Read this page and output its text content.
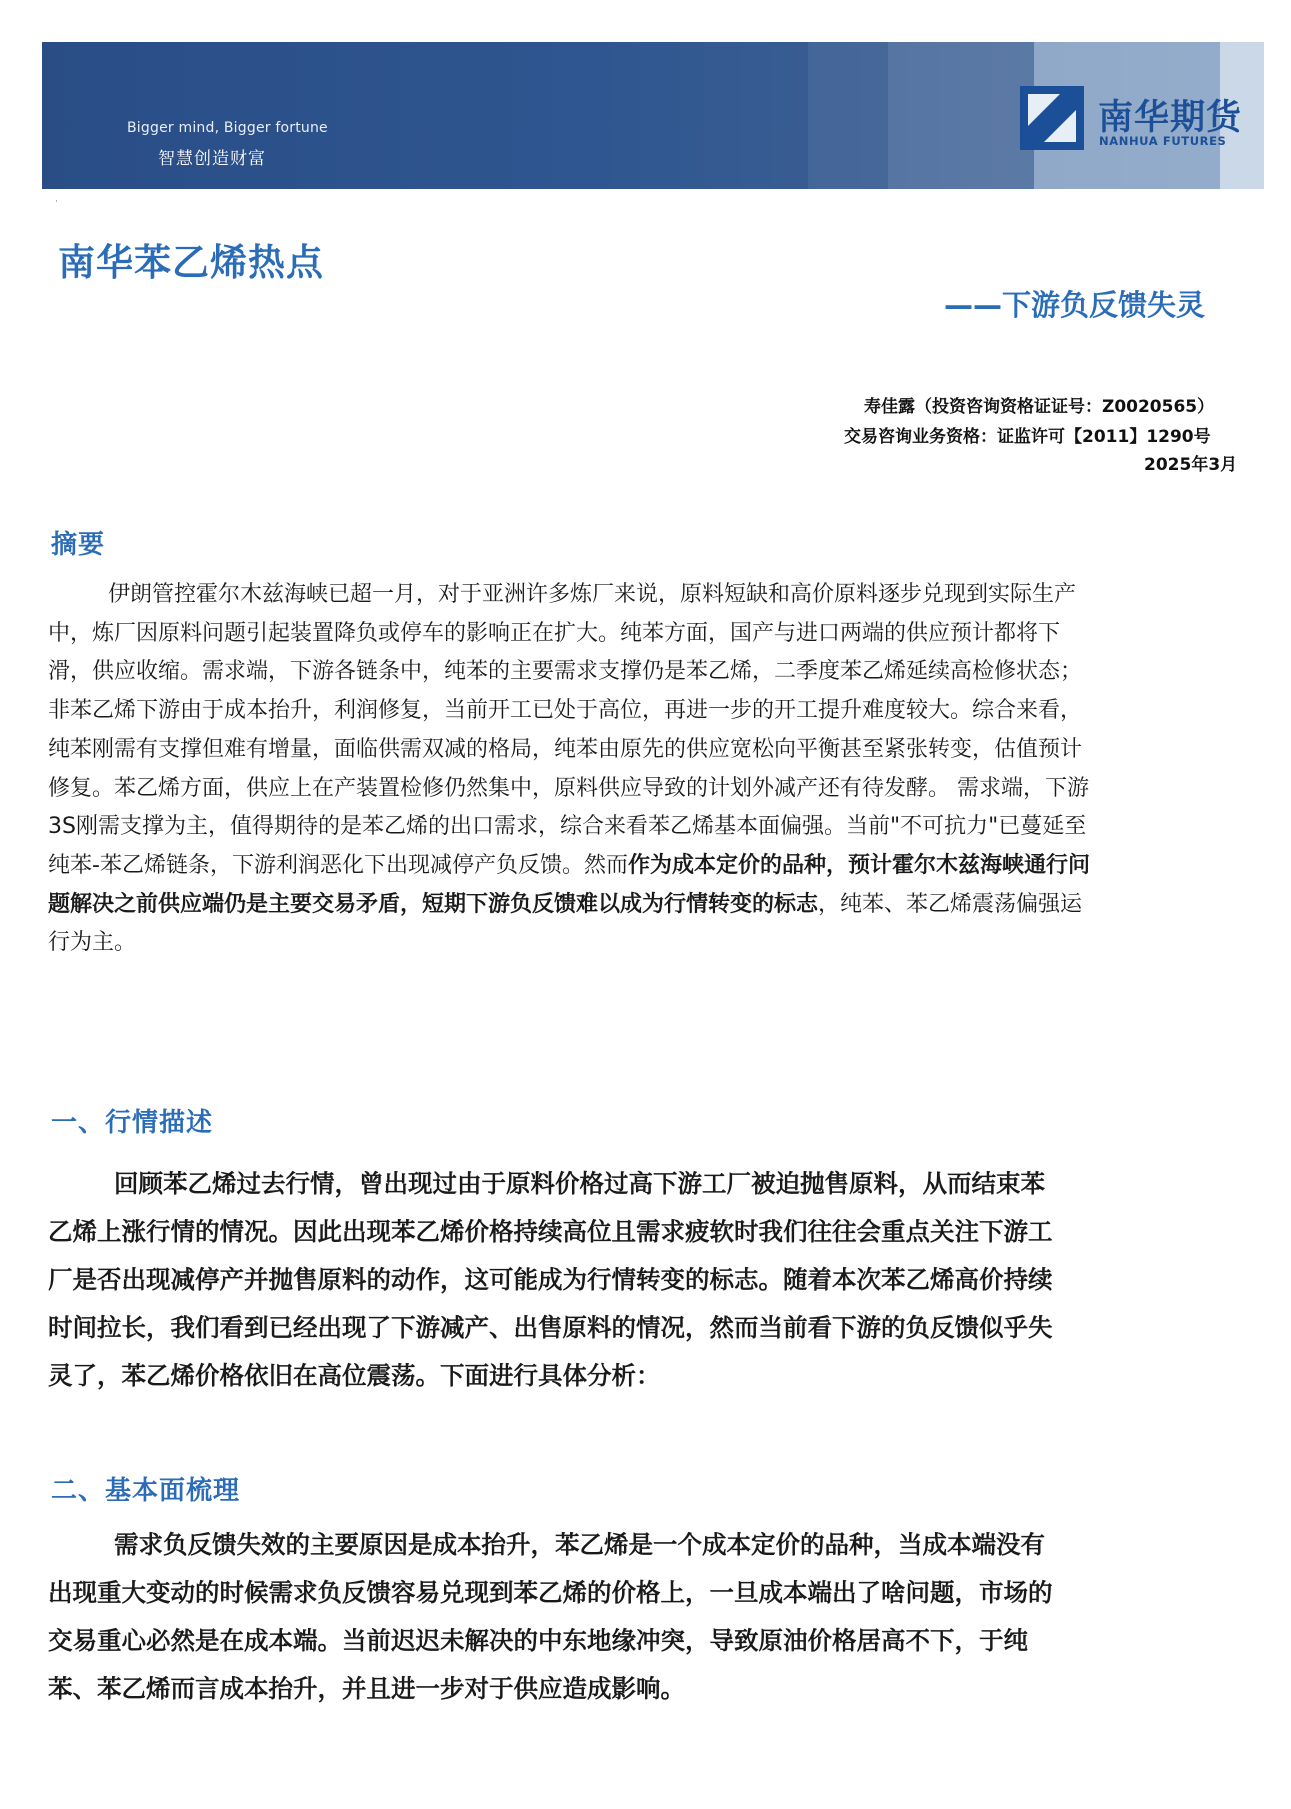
Bigger mind, Bigger fortune
智慧创造财富
南华期货
NANHUA FUTURES
·
南华苯乙烯热点
——下游负反馈失灵
寿佳露（投资咨询资格证证号：Z0020565）
交易咨询业务资格：证监许可【2011】1290号
2025年3月
摘要
伊朗管控霍尔木兹海峡已超一月，对于亚洲许多炼厂来说，原料短缺和高价原料逐步兑现到实际生产
中，炼厂因原料问题引起装置降负或停车的影响正在扩大。纯苯方面，国产与进口两端的供应预计都将下
滑，供应收缩。需求端，下游各链条中，纯苯的主要需求支撑仍是苯乙烯，二季度苯乙烯延续高检修状态；
非苯乙烯下游由于成本抬升，利润修复，当前开工已处于高位，再进一步的开工提升难度较大。综合来看，
纯苯刚需有支撑但难有增量，面临供需双减的格局，纯苯由原先的供应宽松向平衡甚至紧张转变，估值预计
修复。苯乙烯方面，供应上在产装置检修仍然集中，原料供应导致的计划外减产还有待发酵。 需求端，下游
3S刚需支撑为主，值得期待的是苯乙烯的出口需求，综合来看苯乙烯基本面偏强。当前"不可抗力"已蔓延至
纯苯-苯乙烯链条，下游利润恶化下出现减停产负反馈。然而作为成本定价的品种，预计霍尔木兹海峡通行问
题解决之前供应端仍是主要交易矛盾，短期下游负反馈难以成为行情转变的标志，纯苯、苯乙烯震荡偏强运
行为主。
一、行情描述
回顾苯乙烯过去行情，曾出现过由于原料价格过高下游工厂被迫抛售原料，从而结束苯
乙烯上涨行情的情况。因此出现苯乙烯价格持续高位且需求疲软时我们往往会重点关注下游工
厂是否出现减停产并抛售原料的动作，这可能成为行情转变的标志。随着本次苯乙烯高价持续
时间拉长，我们看到已经出现了下游减产、出售原料的情况，然而当前看下游的负反馈似乎失
灵了，苯乙烯价格依旧在高位震荡。下面进行具体分析：
二、基本面梳理
需求负反馈失效的主要原因是成本抬升，苯乙烯是一个成本定价的品种，当成本端没有
出现重大变动的时候需求负反馈容易兑现到苯乙烯的价格上，一旦成本端出了啥问题，市场的
交易重心必然是在成本端。当前迟迟未解决的中东地缘冲突，导致原油价格居高不下，于纯
苯、苯乙烯而言成本抬升，并且进一步对于供应造成影响。
